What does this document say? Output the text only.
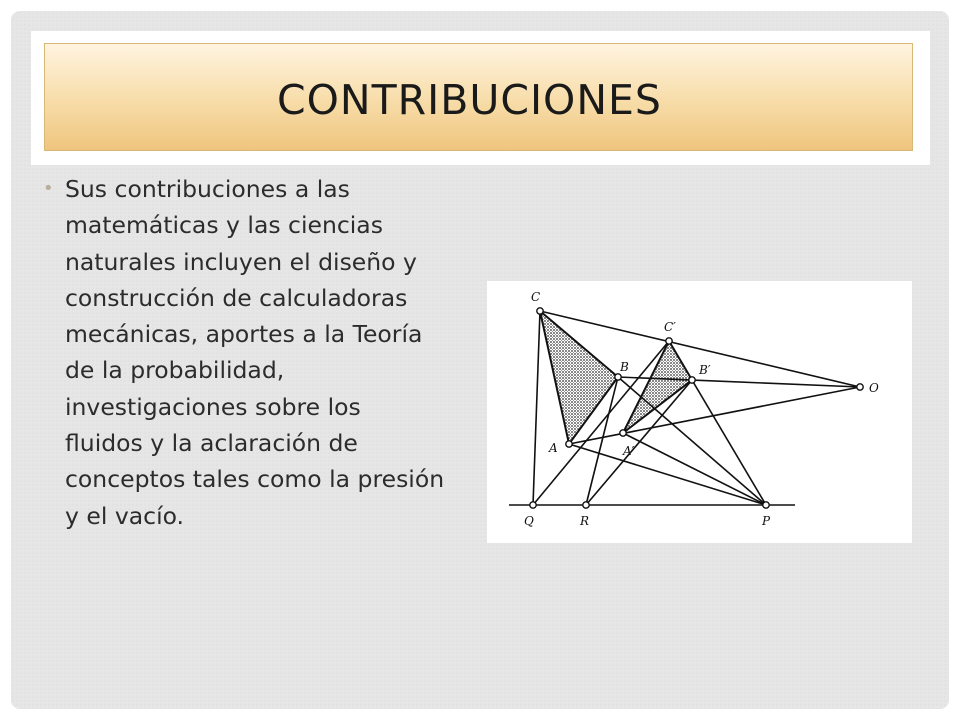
CONTRIBUCIONES
• Sus contribuciones a las matemáticas y las ciencias naturales incluyen el diseño y construcción de calculadoras mecánicas, aportes a la Teoría de la probabilidad, investigaciones sobre los fluidos y la aclaración de conceptos tales como la presión y el vacío.
C
C′
B	B′
O
A	A′
Q	R	P
